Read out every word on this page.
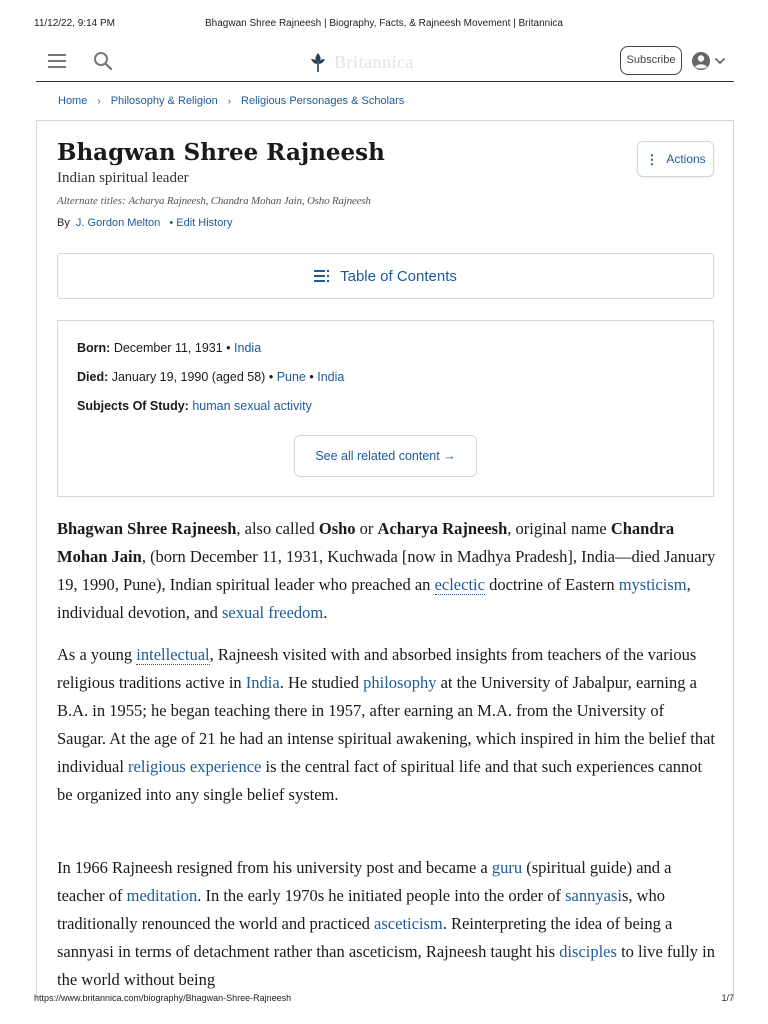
11/12/22, 9:14 PM	Bhagwan Shree Rajneesh | Biography, Facts, & Rajneesh Movement | Britannica
Britannica	Subscribe
Home › Philosophy & Religion › Religious Personages & Scholars
Bhagwan Shree Rajneesh
Indian spiritual leader
Alternate titles: Acharya Rajneesh, Chandra Mohan Jain, Osho Rajneesh
By J. Gordon Melton • Edit History
⋮ Actions
Table of Contents
Born: December 11, 1931 • India
Died: January 19, 1990 (aged 58) • Pune • India
Subjects Of Study: human sexual activity
See all related content →

Bhagwan Shree Rajneesh, also called Osho or Acharya Rajneesh, original name Chandra Mohan Jain, (born December 11, 1931, Kuchwada [now in Madhya Pradesh], India—died January 19, 1990, Pune), Indian spiritual leader who preached an eclectic doctrine of Eastern mysticism, individual devotion, and sexual freedom.

As a young intellectual, Rajneesh visited with and absorbed insights from teachers of the various religious traditions active in India. He studied philosophy at the University of Jabalpur, earning a B.A. in 1955; he began teaching there in 1957, after earning an M.A. from the University of Saugar. At the age of 21 he had an intense spiritual awakening, which inspired in him the belief that individual religious experience is the central fact of spiritual life and that such experiences cannot be organized into any single belief system.

In 1966 Rajneesh resigned from his university post and became a guru (spiritual guide) and a teacher of meditation. In the early 1970s he initiated people into the order of sannyasis, who traditionally renounced the world and practiced asceticism. Reinterpreting the idea of being a sannyasi in terms of detachment rather than asceticism, Rajneesh taught his disciples to live fully in the world without being

https://www.britannica.com/biography/Bhagwan-Shree-Rajneesh	1/7
